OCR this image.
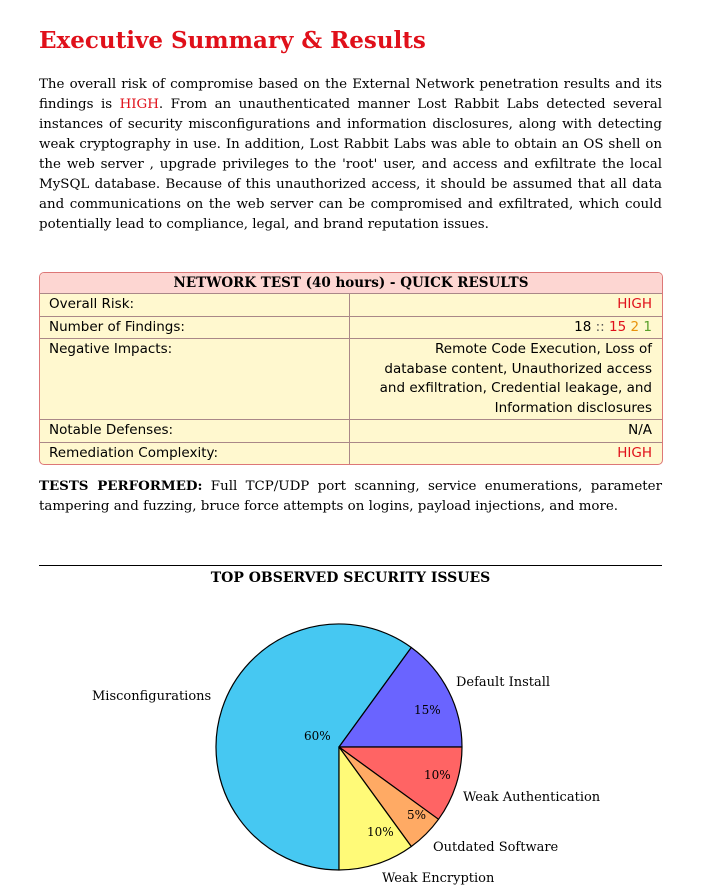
Executive Summary & Results

The overall risk of compromise based on the External Network penetration results and its findings is HIGH. From an unauthenticated manner Lost Rabbit Labs detected several instances of security misconfigurations and information disclosures, along with detecting weak cryptography in use. In addition, Lost Rabbit Labs was able to obtain an OS shell on the web server , upgrade privileges to the 'root' user, and access and exfiltrate the local MySQL database. Because of this unauthorized access, it should be assumed that all data and communications on the web server can be compromised and exfiltrated, which could potentially lead to compliance, legal, and brand reputation issues.

NETWORK TEST (40 hours) - QUICK RESULTS
Overall Risk:	HIGH
Number of Findings:	18 :: 15 2 1
Negative Impacts:	Remote Code Execution, Loss of database content, Unauthorized access and exfiltration, Credential leakage, and Information disclosures
Notable Defenses:	N/A
Remediation Complexity:	HIGH

TESTS PERFORMED: Full TCP/UDP port scanning, service enumerations, parameter tampering and fuzzing, bruce force attempts on logins, payload injections, and more.

TOP OBSERVED SECURITY ISSUES
60%
Misconfigurations
15%
Default Install
10%
Weak Authentication
5%
Outdated Software
10%
Weak Encryption
